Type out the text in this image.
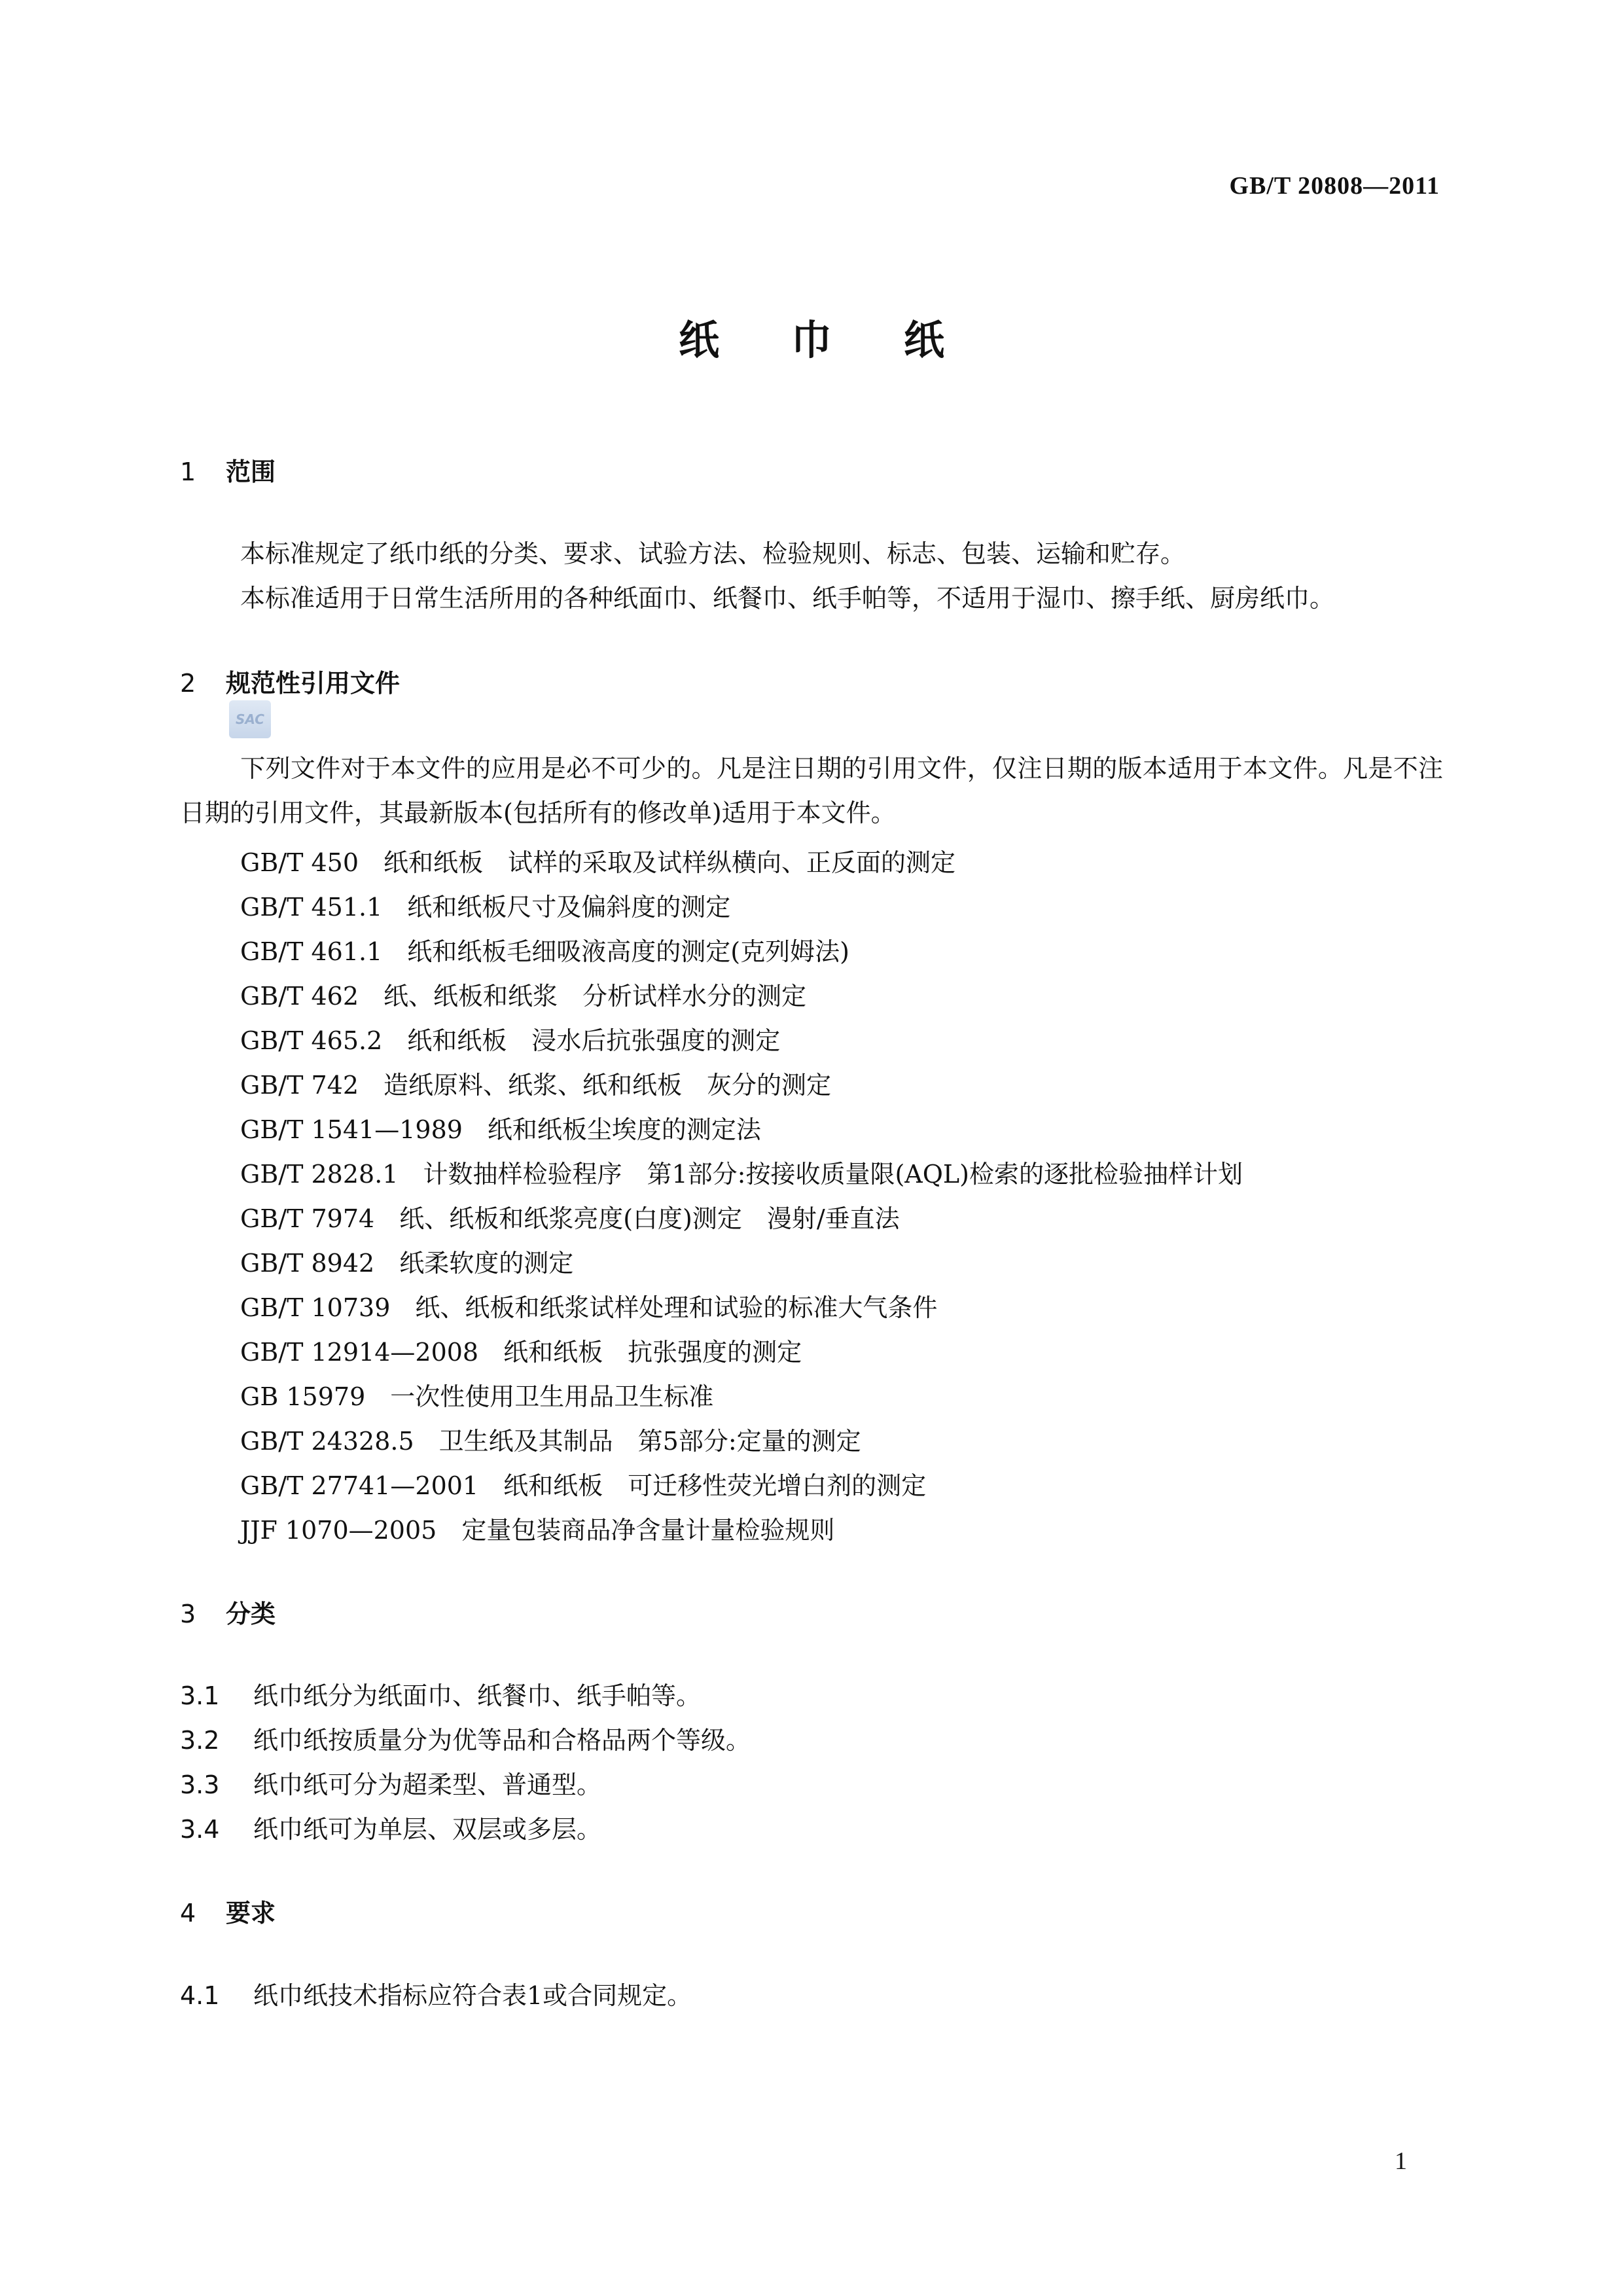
GB/T 20808—2011
纸 巾 纸
1 范围
本标准规定了纸巾纸的分类、要求、试验方法、检验规则、标志、包装、运输和贮存。
本标准适用于日常生活所用的各种纸面巾、纸餐巾、纸手帕等，不适用于湿巾、擦手纸、厨房纸巾。
2 规范性引用文件
SAC
下列文件对于本文件的应用是必不可少的。凡是注日期的引用文件，仅注日期的版本适用于本文件。凡是不注日期的引用文件，其最新版本(包括所有的修改单)适用于本文件。
GB/T 450 纸和纸板　试样的采取及试样纵横向、正反面的测定
GB/T 451.1 纸和纸板尺寸及偏斜度的测定
GB/T 461.1 纸和纸板毛细吸液高度的测定(克列姆法)
GB/T 462 纸、纸板和纸浆　分析试样水分的测定
GB/T 465.2 纸和纸板　浸水后抗张强度的测定
GB/T 742 造纸原料、纸浆、纸和纸板　灰分的测定
GB/T 1541—1989 纸和纸板尘埃度的测定法
GB/T 2828.1 计数抽样检验程序　第1部分:按接收质量限(AQL)检索的逐批检验抽样计划
GB/T 7974 纸、纸板和纸浆亮度(白度)测定　漫射/垂直法
GB/T 8942 纸柔软度的测定
GB/T 10739 纸、纸板和纸浆试样处理和试验的标准大气条件
GB/T 12914—2008 纸和纸板　抗张强度的测定
GB 15979 一次性使用卫生用品卫生标准
GB/T 24328.5 卫生纸及其制品　第5部分:定量的测定
GB/T 27741—2001 纸和纸板　可迁移性荧光增白剂的测定
JJF 1070—2005 定量包装商品净含量计量检验规则
3 分类
3.1 纸巾纸分为纸面巾、纸餐巾、纸手帕等。
3.2 纸巾纸按质量分为优等品和合格品两个等级。
3.3 纸巾纸可分为超柔型、普通型。
3.4 纸巾纸可为单层、双层或多层。
4 要求
4.1 纸巾纸技术指标应符合表1或合同规定。
1
